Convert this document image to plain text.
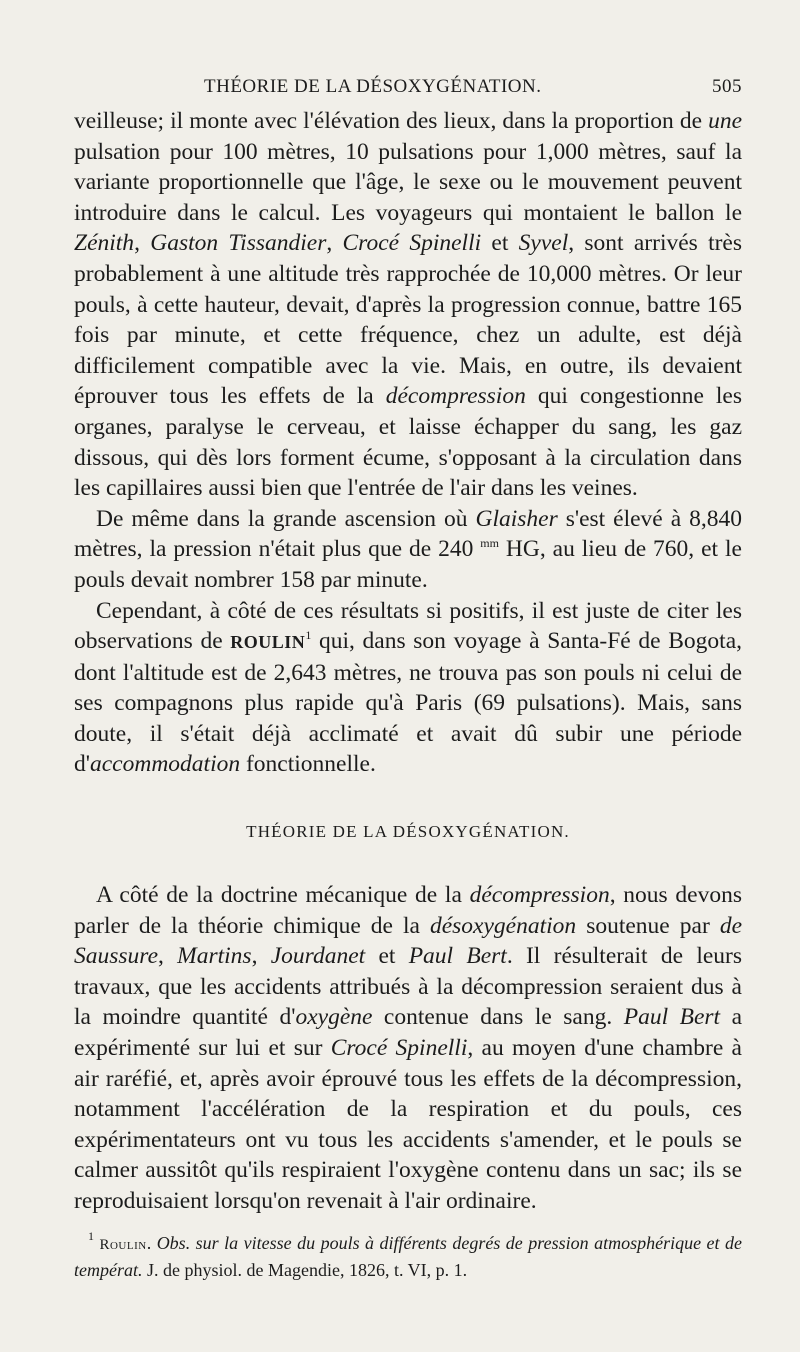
THÉORIE DE LA DÉSOXYGÉNATION.	505

veilleuse; il monte avec l'élévation des lieux, dans la proportion de une pulsation pour 100 mètres, 10 pulsations pour 1,000 mètres, sauf la variante proportionnelle que l'âge, le sexe ou le mouvement peuvent introduire dans le calcul. Les voyageurs qui montaient le ballon le Zénith, Gaston Tissandier, Crocé Spinelli et Syvel, sont arrivés très probablement à une altitude très rapprochée de 10,000 mètres. Or leur pouls, à cette hauteur, devait, d'après la progression connue, battre 165 fois par minute, et cette fréquence, chez un adulte, est déjà difficilement compatible avec la vie. Mais, en outre, ils devaient éprouver tous les effets de la décompression qui congestionne les organes, paralyse le cerveau, et laisse échapper du sang, les gaz dissous, qui dès lors forment écume, s'opposant à la circulation dans les capillaires aussi bien que l'entrée de l'air dans les veines.

De même dans la grande ascension où Glaisher s'est élevé à 8,840 mètres, la pression n'était plus que de 240 $^{mm}$ HG, au lieu de 760, et le pouls devait nombrer 158 par minute.

Cependant, à côté de ces résultats si positifs, il est juste de citer les observations de ROULIN$^1$ qui, dans son voyage à Santa-Fé de Bogota, dont l'altitude est de 2,643 mètres, ne trouva pas son pouls ni celui de ses compagnons plus rapide qu'à Paris (69 pulsations). Mais, sans doute, il s'était déjà acclimaté et avait dû subir une période d'accommodation fonctionnelle.

THÉORIE DE LA DÉSOXYGÉNATION.

A côté de la doctrine mécanique de la décompression, nous devons parler de la théorie chimique de la désoxygénation soutenue par de Saussure, Martins, Jourdanet et Paul Bert. Il résulterait de leurs travaux, que les accidents attribués à la décompression seraient dus à la moindre quantité d'oxygène contenue dans le sang. Paul Bert a expérimenté sur lui et sur Crocé Spinelli, au moyen d'une chambre à air raréfié, et, après avoir éprouvé tous les effets de la décompression, notamment l'accélération de la respiration et du pouls, ces expérimentateurs ont vu tous les accidents s'amender, et le pouls se calmer aussitôt qu'ils respiraient l'oxygène contenu dans un sac; ils se reproduisaient lorsqu'on revenait à l'air ordinaire.

$^1$ Roulin. Obs. sur la vitesse du pouls à différents degrés de pression atmosphérique et de températ. J. de physiol. de Magendie, 1826, t. VI, p. 1.
